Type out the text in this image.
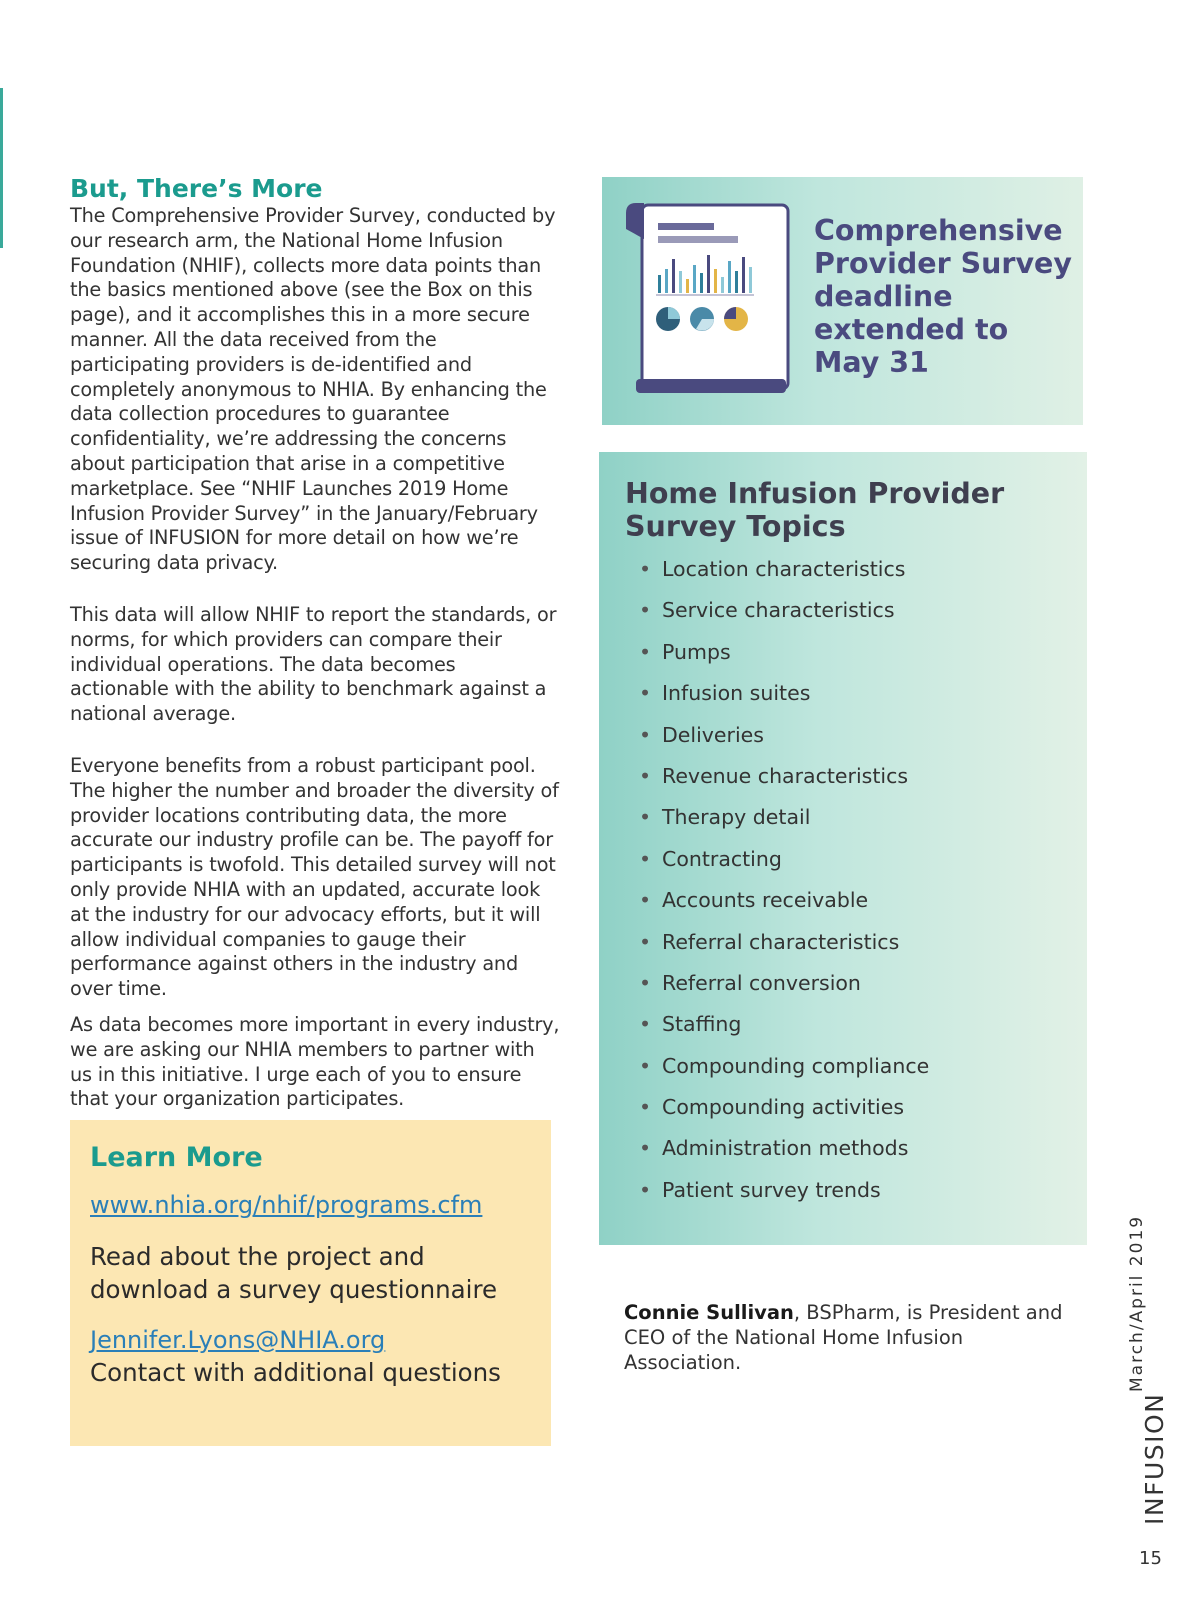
But, There’s More

The Comprehensive Provider Survey, conducted by our research arm, the National Home Infusion Foundation (NHIF), collects more data points than the basics mentioned above (see the Box on this page), and it accomplishes this in a more secure manner. All the data received from the participating providers is de-identified and completely anonymous to NHIA. By enhancing the data collection procedures to guarantee confidentiality, we’re addressing the concerns about participation that arise in a competitive marketplace. See “NHIF Launches 2019 Home Infusion Provider Survey” in the January/February issue of INFUSION for more detail on how we’re securing data privacy.

This data will allow NHIF to report the standards, or norms, for which providers can compare their individual operations. The data becomes actionable with the ability to benchmark against a national average.

Everyone benefits from a robust participant pool. The higher the number and broader the diversity of provider locations contributing data, the more accurate our industry profile can be. The payoff for participants is twofold. This detailed survey will not only provide NHIA with an updated, accurate look at the industry for our advocacy efforts, but it will allow individual companies to gauge their performance against others in the industry and over time.

As data becomes more important in every industry, we are asking our NHIA members to partner with us in this initiative. I urge each of you to ensure that your organization participates.

Learn More
www.nhia.org/nhif/programs.cfm

Read about the project and download a survey questionnaire

Jennifer.Lyons@NHIA.org

Contact with additional questions

Comprehensive Provider Survey deadline extended to May 31

Home Infusion Provider Survey Topics
• Location characteristics
• Service characteristics
• Pumps
• Infusion suites
• Deliveries
• Revenue characteristics
• Therapy detail
• Contracting
• Accounts receivable
• Referral characteristics
• Referral conversion
• Staffing
• Compounding compliance
• Compounding activities
• Administration methods
• Patient survey trends

Connie Sullivan, BSPharm, is President and CEO of the National Home Infusion Association.	March/April 2019
INFUSION
15
